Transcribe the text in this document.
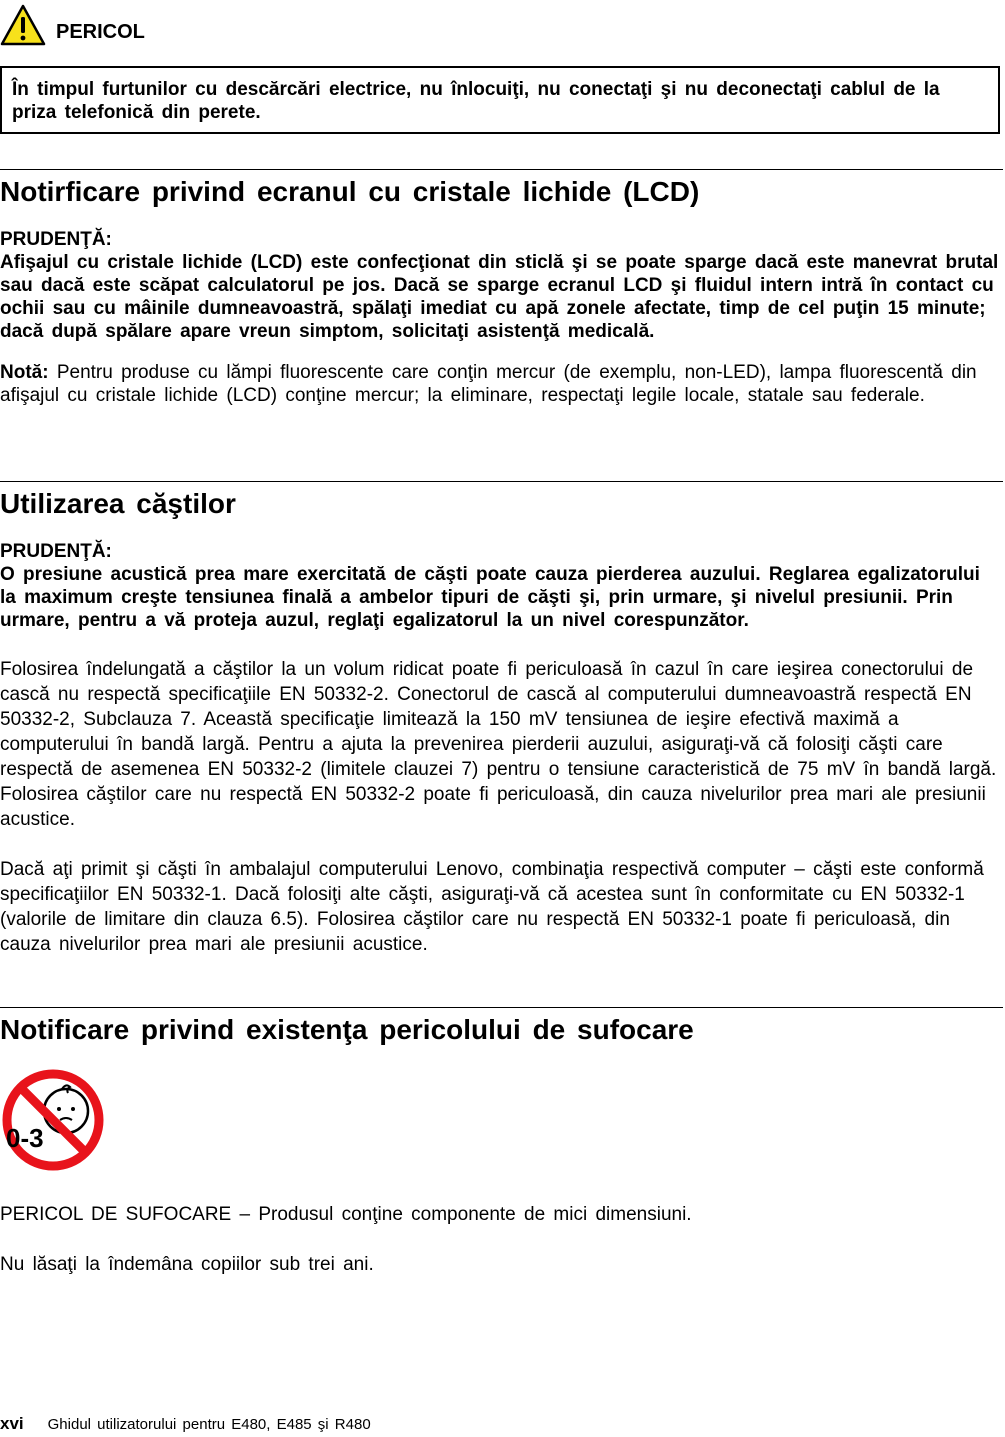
PERICOL
În timpul furtunilor cu descărcări electrice, nu înlocuiţi, nu conectaţi şi nu deconectaţi cablul de la priza telefonică din perete.
Notirficare privind ecranul cu cristale lichide (LCD)
PRUDENŢĂ:

Afişajul cu cristale lichide (LCD) este confecţionat din sticlă şi se poate sparge dacă este manevrat brutal sau dacă este scăpat calculatorul pe jos. Dacă se sparge ecranul LCD şi fluidul intern intră în contact cu ochii sau cu mâinile dumneavoastră, spălaţi imediat cu apă zonele afectate, timp de cel puţin 15 minute; dacă după spălare apare vreun simptom, solicitaţi asistenţă medicală.

Notă: Pentru produse cu lămpi fluorescente care conţin mercur (de exemplu, non-LED), lampa fluorescentă din afişajul cu cristale lichide (LCD) conţine mercur; la eliminare, respectaţi legile locale, statale sau federale.

Utilizarea căştilor
PRUDENŢĂ:

O presiune acustică prea mare exercitată de căşti poate cauza pierderea auzului. Reglarea egalizatorului la maximum creşte tensiunea finală a ambelor tipuri de căşti şi, prin urmare, şi nivelul presiunii. Prin urmare, pentru a vă proteja auzul, reglaţi egalizatorul la un nivel corespunzător.

Folosirea îndelungată a căştilor la un volum ridicat poate fi periculoasă în cazul în care ieşirea conectorului de cască nu respectă specificaţiile EN 50332-2. Conectorul de cască al computerului dumneavoastră respectă EN 50332-2, Subclauza 7. Această specificaţie limitează la 150 mV tensiunea de ieşire efectivă maximă a computerului în bandă largă. Pentru a ajuta la prevenirea pierderii auzului, asiguraţi-vă că folosiţi căşti care respectă de asemenea EN 50332-2 (limitele clauzei 7) pentru o tensiune caracteristică de 75 mV în bandă largă. Folosirea căştilor care nu respectă EN 50332-2 poate fi periculoasă, din cauza nivelurilor prea mari ale presiunii acustice.

Dacă aţi primit şi căşti în ambalajul computerului Lenovo, combinaţia respectivă computer – căşti este conformă specificaţiilor EN 50332-1. Dacă folosiţi alte căşti, asiguraţi-vă că acestea sunt în conformitate cu EN 50332-1 (valorile de limitare din clauza 6.5). Folosirea căştilor care nu respectă EN 50332-1 poate fi periculoasă, din cauza nivelurilor prea mari ale presiunii acustice.

Notificare privind existenţa pericolului de sufocare
0-3

PERICOL DE SUFOCARE – Produsul conţine componente de mici dimensiuni.

Nu lăsaţi la îndemâna copiilor sub trei ani.

xvi Ghidul utilizatorului pentru E480, E485 şi R480
